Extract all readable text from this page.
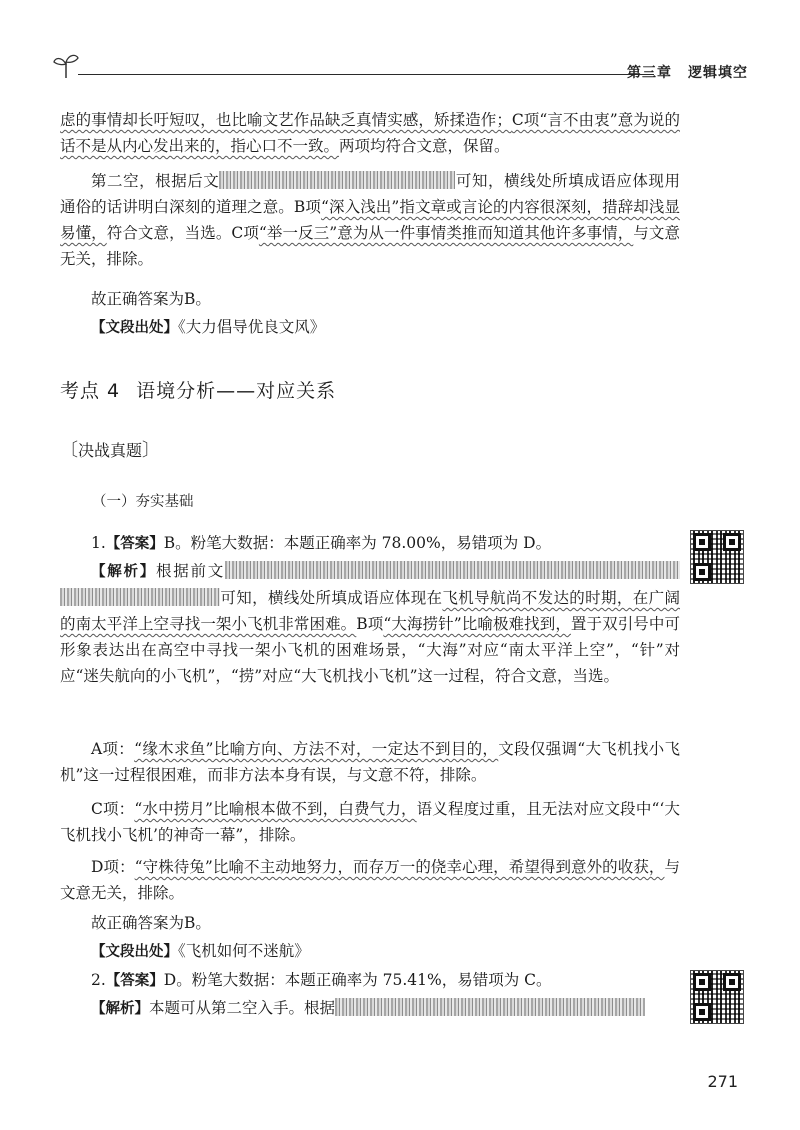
第三章 逻辑填空

虑的事情却长吁短叹，也比喻文艺作品缺乏真情实感，矫揉造作；C项“言不由衷”意为说的话不是从内心发出来的，指心口不一致。两项均符合文意，保留。

第二空，根据后文	可知，横线处所填成语应体现用通俗的话讲明白深刻的道理之意。B项“深入浅出”指文章或言论的内容很深刻，措辞却浅显易懂，符合文意，当选。C项“举一反三”意为从一件事情类推而知道其他许多事情，与文意无关，排除。

故正确答案为B。

【文段出处】《大力倡导优良文风》

考点 4 语境分析——对应关系
〔决战真题〕
（一）夯实基础

1.【答案】B。粉笔大数据：本题正确率为 78.00%，易错项为 D。

【解析】根据前文可知，横线处所填成语应体现在飞机导航尚不发达的时期，在广阔的南太平洋上空寻找一架小飞机非常困难。B项“大海捞针”比喻极难找到，置于双引号中可形象表达出在高空中寻找一架小飞机的困难场景，“大海”对应“南太平洋上空”，“针”对应“迷失航向的小飞机”，“捞”对应“大飞机找小飞机”这一过程，符合文意，当选。

A项：“缘木求鱼”比喻方向、方法不对，一定达不到目的，文段仅强调“大飞机找小飞机”这一过程很困难，而非方法本身有误，与文意不符，排除。

C项：“水中捞月”比喻根本做不到，白费气力，语义程度过重，且无法对应文段中“‘大飞机找小飞机’的神奇一幕”，排除。

D项：“守株待兔”比喻不主动地努力，而存万一的侥幸心理，希望得到意外的收获，与文意无关，排除。

故正确答案为B。

【文段出处】《飞机如何不迷航》

2.【答案】D。粉笔大数据：本题正确率为 75.41%，易错项为 C。

【解析】本题可从第二空入手。根据

271
